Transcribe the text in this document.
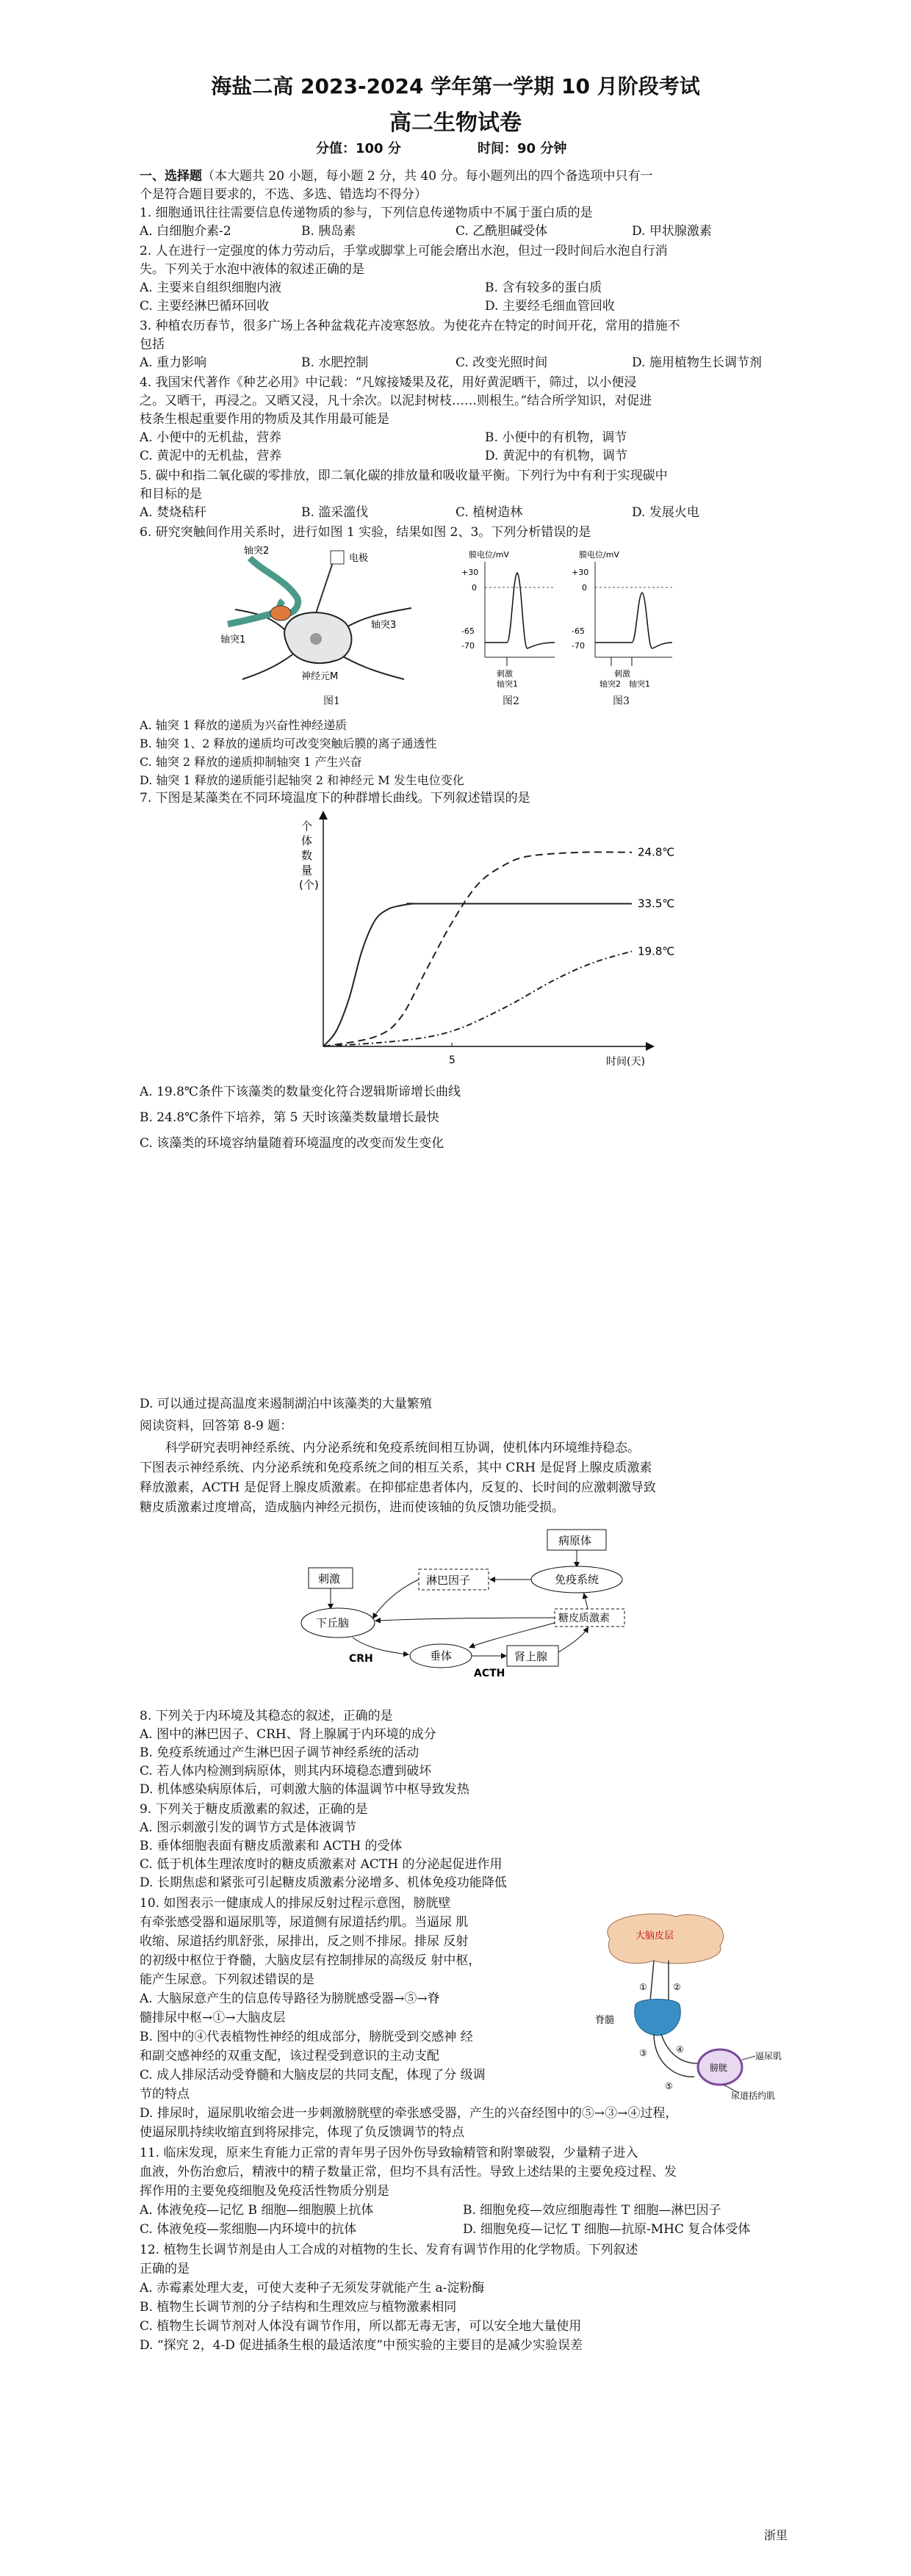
海盐二高 2023-2024 学年第一学期 10 月阶段考试
高二生物试卷
分值：100 分	时间：90 分钟
一、选择题（本大题共 20 小题，每小题 2 分，共 40 分。每小题列出的四个备选项中只有一
个是符合题目要求的，不选、多选、错选均不得分）
1. 细胞通讯往往需要信息传递物质的参与，下列信息传递物质中不属于蛋白质的是
A. 白细胞介素-2	B. 胰岛素	C. 乙酰胆碱受体	D. 甲状腺激素
2. 人在进行一定强度的体力劳动后，手掌或脚掌上可能会磨出水泡，但过一段时间后水泡自行消
失。下列关于水泡中液体的叙述正确的是
A. 主要来自组织细胞内液	B. 含有较多的蛋白质
C. 主要经淋巴循环回收	D. 主要经毛细血管回收
3. 种植农历春节，很多广场上各种盆栽花卉凌寒怒放。为使花卉在特定的时间开花，常用的措施不
包括
A. 重力影响	B. 水肥控制	C. 改变光照时间	D. 施用植物生长调节剂
4. 我国宋代著作《种艺必用》中记载：“凡嫁接矮果及花，用好黄泥晒干，筛过，以小便浸
之。又晒干，再浸之。又晒又浸，凡十余次。以泥封树枝……则根生。”结合所学知识，对促进
枝条生根起重要作用的物质及其作用最可能是
A. 小便中的无机盐，营养	B. 小便中的有机物，调节
C. 黄泥中的无机盐，营养	D. 黄泥中的有机物，调节
5. 碳中和指二氧化碳的零排放，即二氧化碳的排放量和吸收量平衡。下列行为中有利于实现碳中
和目标的是
A. 焚烧秸秆	B. 滥采滥伐	C. 植树造林	D. 发展火电
6. 研究突触间作用关系时，进行如图 1 实验，结果如图 2、3。下列分析错误的是
轴突2
轴突1
电极
轴突3
神经元M
图1
膜电位/mV
+30
0
-65
-70
刺激
轴突1
图2
膜电位/mV
+30
0
-65
-70
刺激
轴突2 轴突1
图3
A. 轴突 1 释放的递质为兴奋性神经递质
B. 轴突 1、2 释放的递质均可改变突触后膜的离子通透性
C. 轴突 2 释放的递质抑制轴突 1 产生兴奋
D. 轴突 1 释放的递质能引起轴突 2 和神经元 M 发生电位变化
7. 下图是某藻类在不同环境温度下的种群增长曲线。下列叙述错误的是
个
体
数
量
(个)
时间(天)
5
24.8℃
33.5℃
19.8℃
A. 19.8℃条件下该藻类的数量变化符合逻辑斯谛增长曲线
B. 24.8℃条件下培养，第 5 天时该藻类数量增长最快
C. 该藻类的环境容纳量随着环境温度的改变而发生变化
D. 可以通过提高温度来遏制湖泊中该藻类的大量繁殖
阅读资料，回答第 8-9 题：
科学研究表明神经系统、内分泌系统和免疫系统间相互协调，使机体内环境维持稳态。
下图表示神经系统、内分泌系统和免疫系统之间的相互关系，其中 CRH 是促肾上腺皮质激素
释放激素，ACTH 是促肾上腺皮质激素。在抑郁症患者体内，反复的、长时间的应激刺激导致
糖皮质激素过度增高，造成脑内神经元损伤，进而使该轴的负反馈功能受损。
病原体
刺激	淋巴因子	免疫系统
下丘脑	糖皮质激素
CRH	垂体
ACTH
肾上腺
8. 下列关于内环境及其稳态的叙述，正确的是
A. 图中的淋巴因子、CRH、肾上腺属于内环境的成分
B. 免疫系统通过产生淋巴因子调节神经系统的活动
C. 若人体内检测到病原体，则其内环境稳态遭到破坏
D. 机体感染病原体后，可刺激大脑的体温调节中枢导致发热
9. 下列关于糖皮质激素的叙述，正确的是
A. 图示刺激引发的调节方式是体液调节
B. 垂体细胞表面有糖皮质激素和 ACTH 的受体
C. 低于机体生理浓度时的糖皮质激素对 ACTH 的分泌起促进作用
D. 长期焦虑和紧张可引起糖皮质激素分泌增多、机体免疫功能降低
10. 如图表示一健康成人的排尿反射过程示意图，膀胱壁
有牵张感受器和逼尿肌等，尿道侧有尿道括约肌。当逼尿 肌
收缩、尿道括约肌舒张，尿排出，反之则不排尿。排尿 反射
的初级中枢位于脊髓，大脑皮层有控制排尿的高级反 射中枢，
能产生尿意。下列叙述错误的是
A. 大脑尿意产生的信息传导路径为膀胱感受器→⑤→脊
髓排尿中枢→①→大脑皮层
B. 图中的④代表植物性神经的组成部分，膀胱受到交感神 经
和副交感神经的双重支配，该过程受到意识的主动支配
C. 成人排尿活动受脊髓和大脑皮层的共同支配，体现了分 级调
节的特点
D. 排尿时，逼尿肌收缩会进一步刺激膀胱壁的牵张感受器，产生的兴奋经图中的⑤→③→④过程，
使逼尿肌持续收缩直到将尿排完，体现了负反馈调节的特点
大脑皮层
①	②
脊髓
③	④
⑤
膀胱
逼尿肌
尿道括约肌
11. 临床发现，原来生育能力正常的青年男子因外伤导致输精管和附睾破裂，少量精子进入
血液，外伤治愈后，精液中的精子数量正常，但均不具有活性。导致上述结果的主要免疫过程、发
挥作用的主要免疫细胞及免疫活性物质分别是
A. 体液免疫—记忆 B 细胞—细胞膜上抗体	B. 细胞免疫—效应细胞毒性 T 细胞—淋巴因子
C. 体液免疫—浆细胞—内环境中的抗体	D. 细胞免疫—记忆 T 细胞—抗原-MHC 复合体受体
12. 植物生长调节剂是由人工合成的对植物的生长、发育有调节作用的化学物质。下列叙述
正确的是
A. 赤霉素处理大麦，可使大麦种子无须发芽就能产生 a-淀粉酶
B. 植物生长调节剂的分子结构和生理效应与植物激素相同
C. 植物生长调节剂对人体没有调节作用，所以都无毒无害，可以安全地大量使用
D. “探究 2，4-D 促进插条生根的最适浓度”中预实验的主要目的是减少实验误差
浙里
